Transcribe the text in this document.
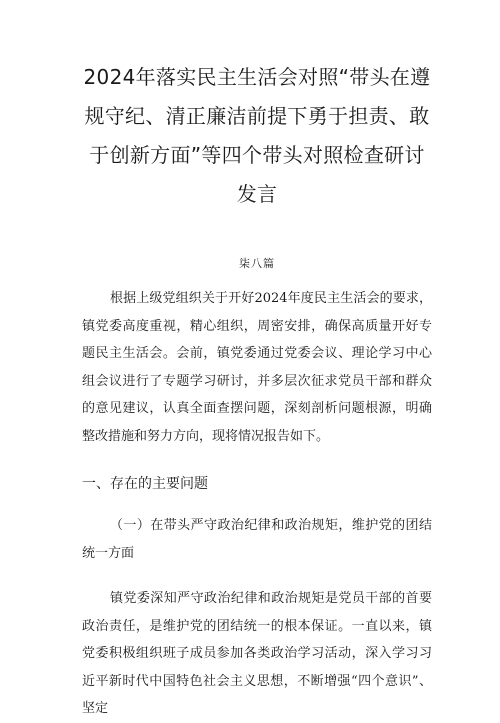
2024年落实民主生活会对照“带头在遵规守纪、清正廉洁前提下勇于担责、敢于创新方面”等四个带头对照检查研讨发言
柒八篇

根据上级党组织关于开好2024年度民主生活会的要求，镇党委高度重视，精心组织，周密安排，确保高质量开好专题民主生活会。会前，镇党委通过党委会议、理论学习中心组会议进行了专题学习研讨，并多层次征求党员干部和群众的意见建议，认真全面查摆问题，深刻剖析问题根源，明确整改措施和努力方向，现将情况报告如下。

一、存在的主要问题

（一）在带头严守政治纪律和政治规矩，维护党的团结统一方面

镇党委深知严守政治纪律和政治规矩是党员干部的首要政治责任，是维护党的团结统一的根本保证。一直以来，镇党委积极组织班子成员参加各类政治学习活动，深入学习习近平新时代中国特色社会主义思想，不断增强“四个意识”、坚定
